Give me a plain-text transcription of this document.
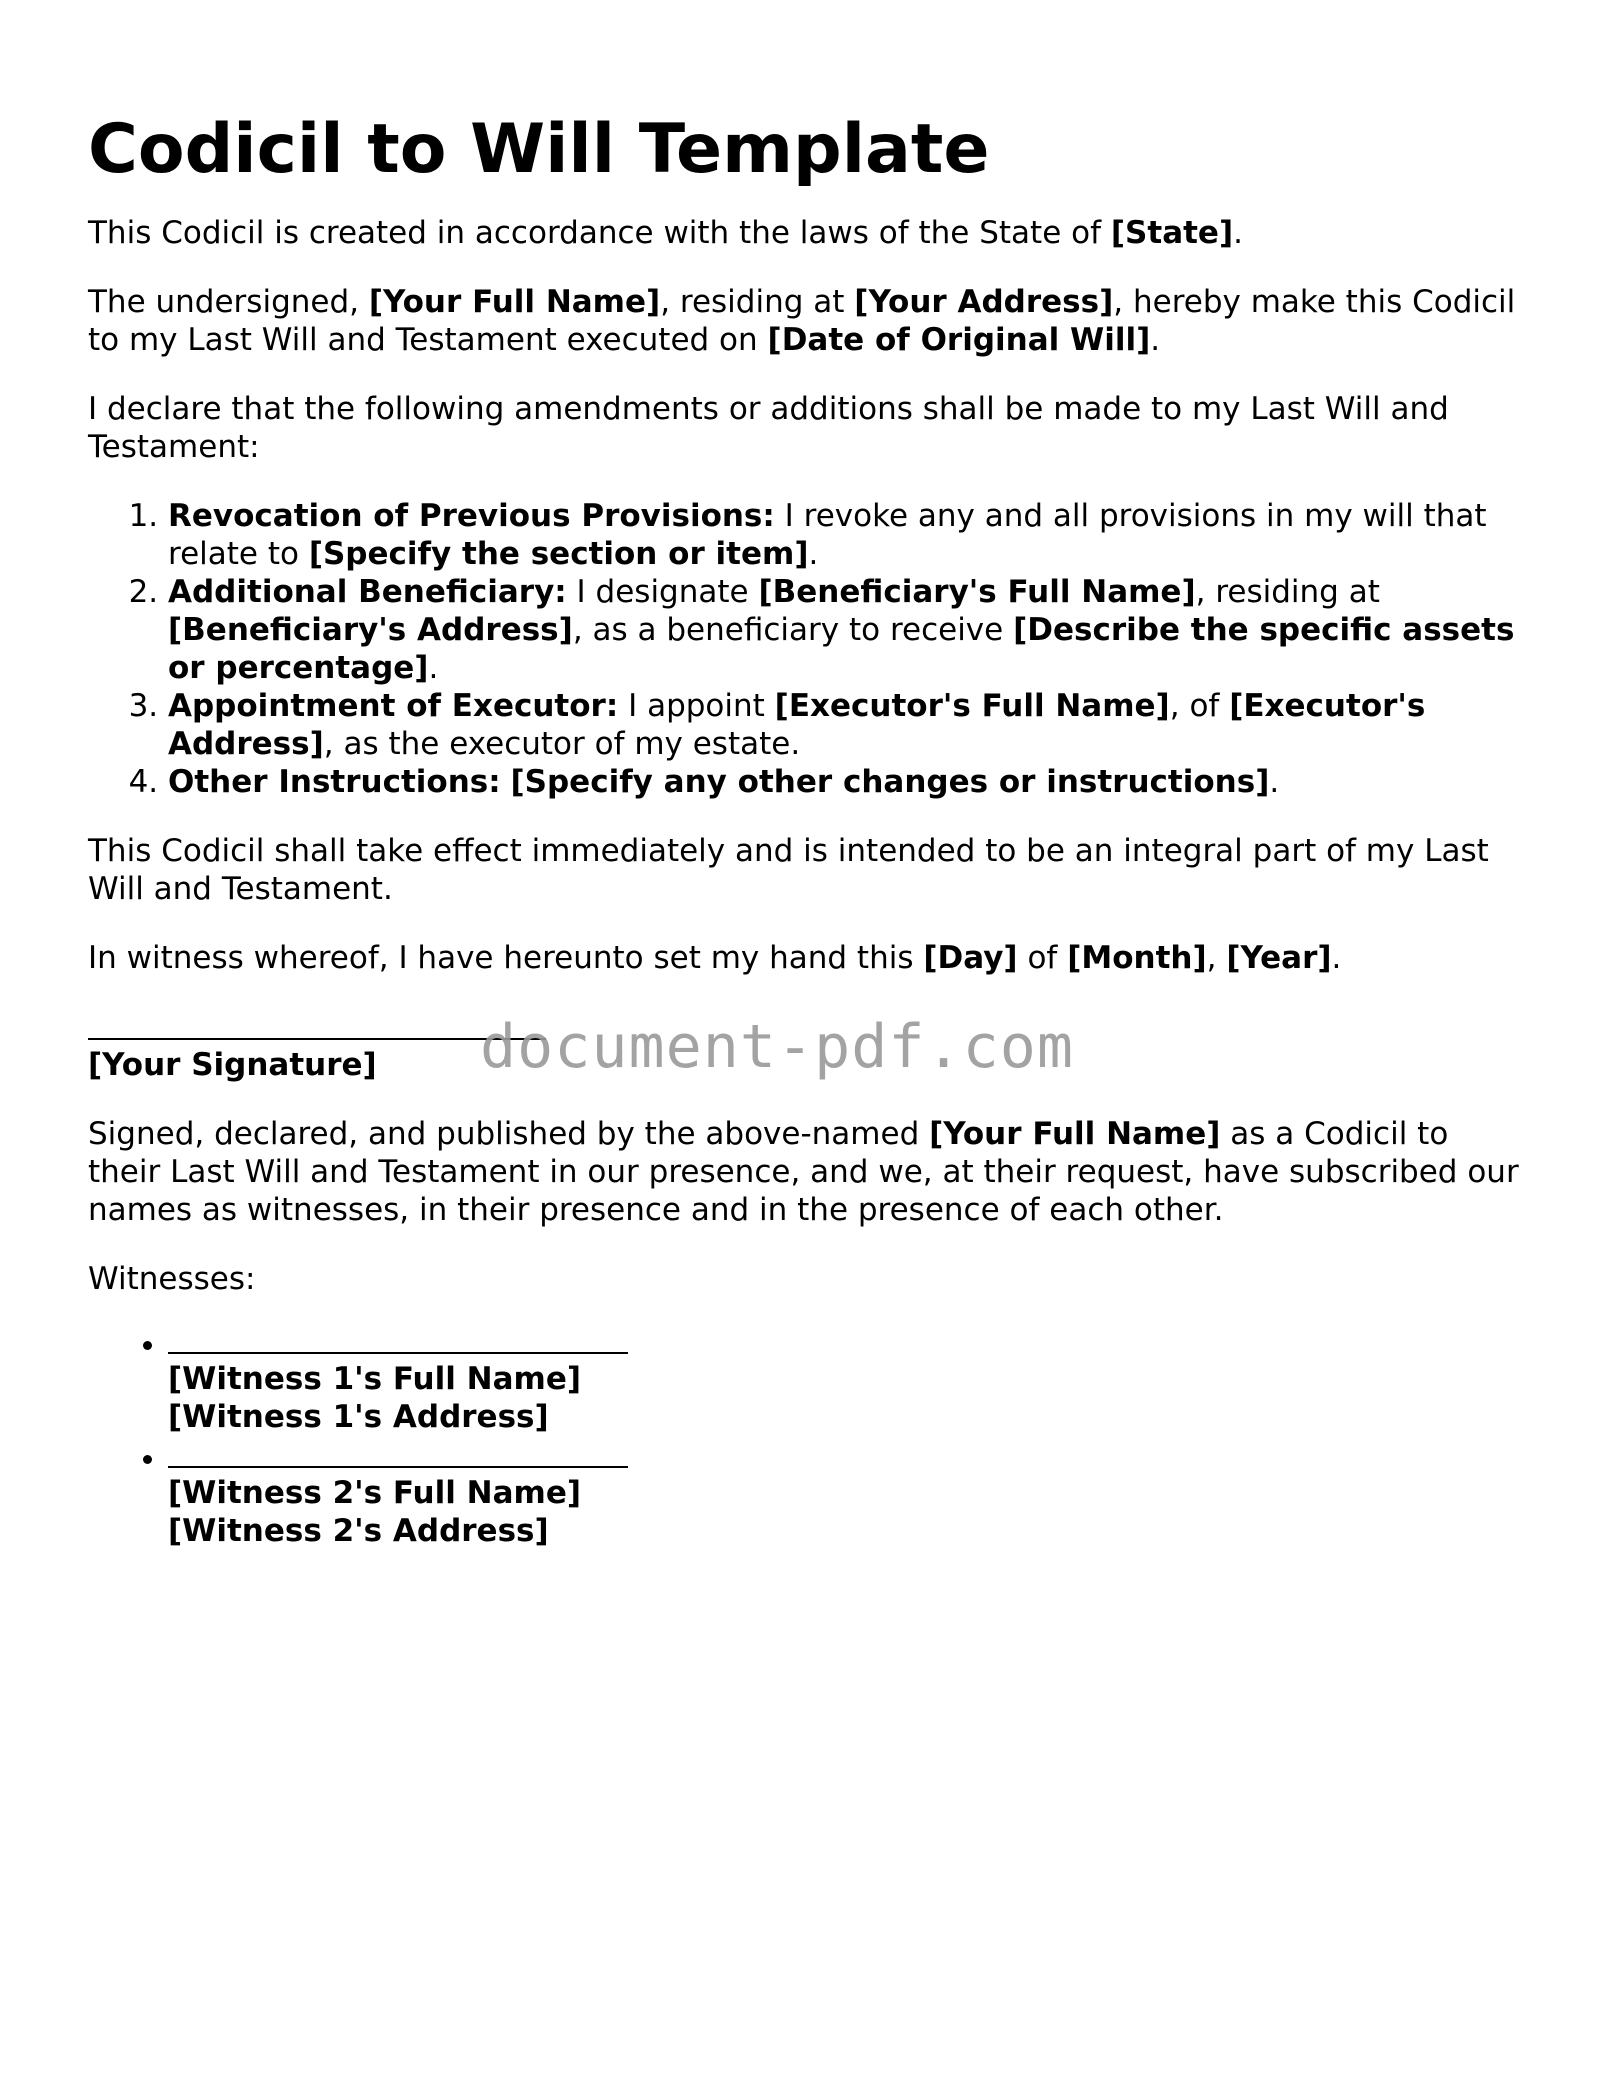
Codicil to Will Template

This Codicil is created in accordance with the laws of the State of [State].

The undersigned, [Your Full Name], residing at [Your Address], hereby make this Codicil to my Last Will and Testament executed on [Date of Original Will].

I declare that the following amendments or additions shall be made to my Last Will and Testament:

1. Revocation of Previous Provisions: I revoke any and all provisions in my will that relate to [Specify the section or item].
2. Additional Beneficiary: I designate [Beneficiary's Full Name], residing at [Beneficiary's Address], as a beneficiary to receive [Describe the specific assets or percentage].
3. Appointment of Executor: I appoint [Executor's Full Name], of [Executor's Address], as the executor of my estate.
4. Other Instructions: [Specify any other changes or instructions].

This Codicil shall take effect immediately and is intended to be an integral part of my Last Will and Testament.

In witness whereof, I have hereunto set my hand this [Day] of [Month], [Year].

[Your Signature]

Signed, declared, and published by the above-named [Your Full Name] as a Codicil to their Last Will and Testament in our presence, and we, at their request, have subscribed our names as witnesses, in their presence and in the presence of each other.

Witnesses:

• [Witness 1's Full Name]
[Witness 1's Address]
• [Witness 2's Full Name]
[Witness 2's Address]
document-pdf.com
